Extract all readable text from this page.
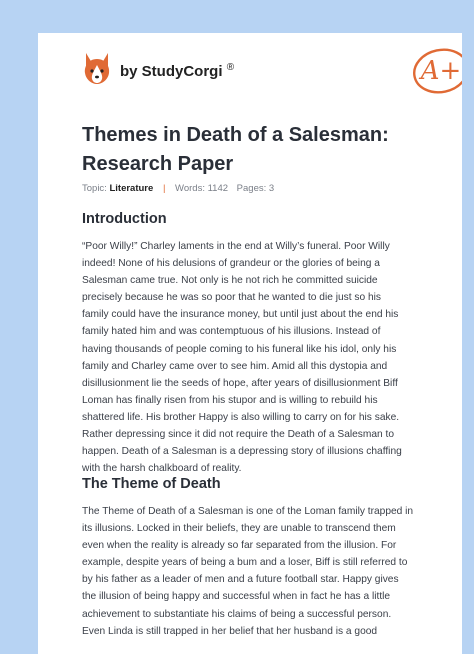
by StudyCorgi ®	A+
Themes in Death of a Salesman:
Research Paper
Topic: Literature | Words: 1142 Pages: 3
Introduction
“Poor Willy!” Charley laments in the end at Willy’s funeral. Poor Willy
indeed! None of his delusions of grandeur or the glories of being a
Salesman came true. Not only is he not rich he committed suicide
precisely because he was so poor that he wanted to die just so his
family could have the insurance money, but until just about the end his
family hated him and was contemptuous of his illusions. Instead of
having thousands of people coming to his funeral like his idol, only his
family and Charley came over to see him. Amid all this dystopia and
disillusionment lie the seeds of hope, after years of disillusionment Biff
Loman has finally risen from his stupor and is willing to rebuild his
shattered life. His brother Happy is also willing to carry on for his sake.
Rather depressing since it did not require the Death of a Salesman to
happen. Death of a Salesman is a depressing story of illusions chaffing
with the harsh chalkboard of reality.
The Theme of Death
The Theme of Death of a Salesman is one of the Loman family trapped in
its illusions. Locked in their beliefs, they are unable to transcend them
even when the reality is already so far separated from the illusion. For
example, despite years of being a bum and a loser, Biff is still referred to
by his father as a leader of men and a future football star. Happy gives
the illusion of being happy and successful when in fact he has a little
achievement to substantiate his claims of being a successful person.
Even Linda is still trapped in her belief that her husband is a good
